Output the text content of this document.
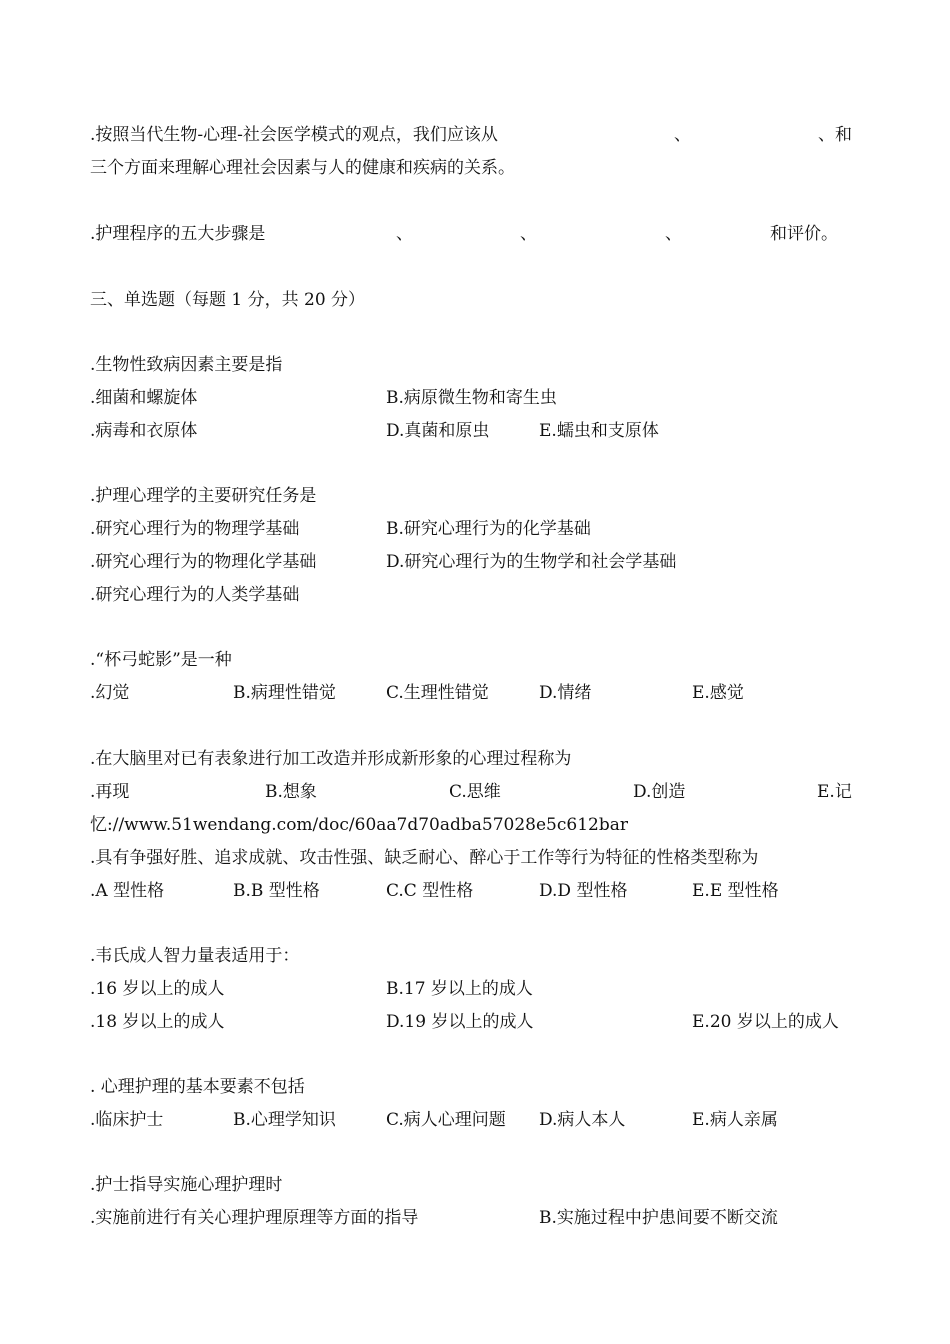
.按照当代生物-心理-社会医学模式的观点，我们应该从	、	、和
三个方面来理解心理社会因素与人的健康和疾病的关系。
.护理程序的五大步骤是	、	、	、	和评价。
三、单选题（每题 1 分，共 20 分）
.生物性致病因素主要是指
.细菌和螺旋体	B.病原微生物和寄生虫
.病毒和衣原体	D.真菌和原虫	E.蠕虫和支原体
.护理心理学的主要研究任务是
.研究心理行为的物理学基础	B.研究心理行为的化学基础
.研究心理行为的物理化学基础	D.研究心理行为的生物学和社会学基础
.研究心理行为的人类学基础
.“杯弓蛇影”是一种
.幻觉	B.病理性错觉	C.生理性错觉	D.情绪	E.感觉
.在大脑里对已有表象进行加工改造并形成新形象的心理过程称为
.再现	B.想象	C.思维	D.创造	E.记
忆://www.51wendang.com/doc/60aa7d70adba57028e5c612bar
.具有争强好胜、追求成就、攻击性强、缺乏耐心、醉心于工作等行为特征的性格类型称为
.A 型性格	B.B 型性格	C.C 型性格	D.D 型性格	E.E 型性格
.韦氏成人智力量表适用于：
.16 岁以上的成人	B.17 岁以上的成人
.18 岁以上的成人	D.19 岁以上的成人	E.20 岁以上的成人
. 心理护理的基本要素不包括
.临床护士	B.心理学知识	C.病人心理问题 D.病人本人	E.病人亲属
.护士指导实施心理护理时
.实施前进行有关心理护理原理等方面的指导	B.实施过程中护患间要不断交流
